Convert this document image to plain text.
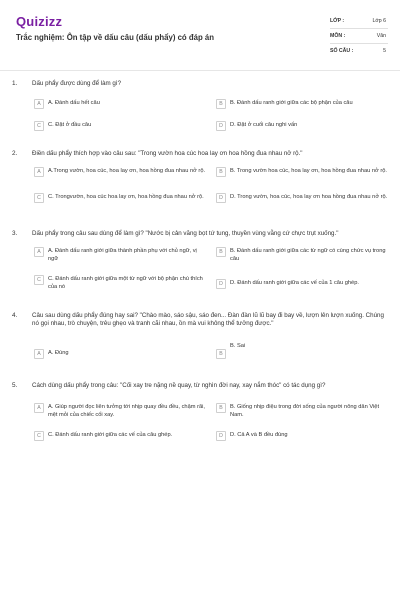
Quizizz
Trắc nghiệm: Ôn tập về dấu câu (dấu phẩy) có đáp án
LỚP :	Lớp 6
MÔN :	Văn
SỐ CÂU :	5
1. Dấu phẩy được dùng để làm gì?
A	A. Đánh dấu hết câu	B	B. Đánh dấu ranh giới giữa các bộ phận của câu
C	C. Đặt ở đầu câu	D	D. Đặt ở cuối câu nghi vấn
2. Điền dấu phẩy thích hợp vào câu sau: "Trong vườn hoa cúc hoa lay ơn hoa hồng đua nhau nở rộ."
A	A.Trong vườn, hoa cúc, hoa lay ơn, hoa hồng đua nhau nở rộ.	B	B. Trong vườn hoa cúc, hoa lay ơn, hoa hồng đua nhau nở rộ.
C	C. Trongvườn, hoa cúc hoa lay ơn, hoa hồng đua nhau nở rộ.	D	D. Trong vườn, hoa cúc, hoa lay ơn hoa hồng đua nhau nở rộ.
3. Dấu phẩy trong câu sau dùng để làm gì? "Nước bị cản văng bọt tứ tung, thuyền vùng vằng cứ chực trụt xuống."
A	A. Đánh dấu ranh giới giữa thành phần phụ với chủ ngữ, vị ngữ
B	B. Đánh dấu ranh giới giữa các từ ngữ có cùng chức vụ trong câu
C	C. Đánh dấu ranh giới giữa một từ ngữ với bộ phận chú thích của nó	D	D. Đánh dấu ranh giới giữa các vế của 1 câu ghép.
4. Câu sau dùng dấu phẩy đúng hay sai? "Chào mào, sáo sậu, sáo đen... Đàn đàn lũ lũ bay đi bay về, lượn lên lượn xuống. Chúng nó gọi nhau, trò chuyện, trêu ghẹo và tranh cãi nhau, ồn mà vui không thể tưởng được."
A	A. Đúng	B
B. Sai
5. Cách dùng dấu phẩy trong câu: "Cối xay tre nặng nề quay, từ nghìn đời nay, xay nắm thóc" có tác dụng gì?
A	A. Giúp người đọc liên tưởng tới nhịp quay đều đều, chậm rãi, mệt mỏi của chiếc cối xay.
B	B. Giống nhịp điệu trong đời sống của người nông dân Việt Nam.
C	C. Đánh dấu ranh giới giữa các vế của câu ghép.	D	D. Cả A và B đều đúng
